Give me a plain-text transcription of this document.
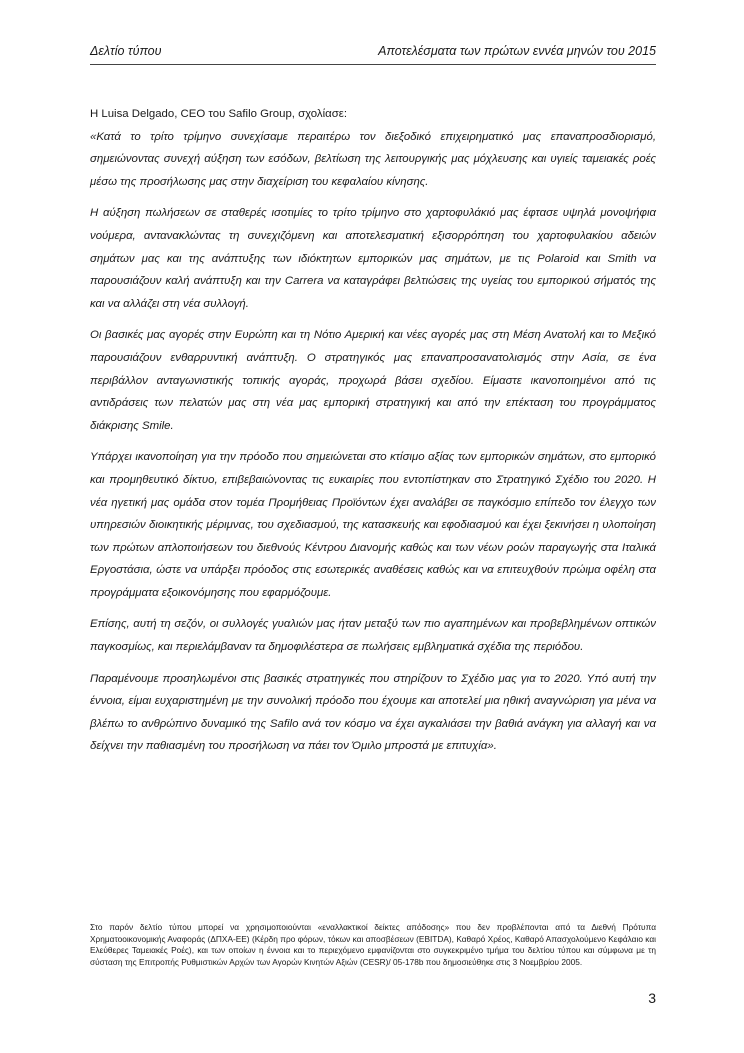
Δελτίο τύπου	Αποτελέσματα των πρώτων εννέα μηνών του 2015

Η Luisa Delgado, CEO του Safilo Group, σχολίασε:

«Κατά το τρίτο τρίμηνο συνεχίσαμε περαιτέρω τον διεξοδικό επιχειρηματικό μας επαναπροσδιορισμό, σημειώνοντας συνεχή αύξηση των εσόδων, βελτίωση της λειτουργικής μας μόχλευσης και υγιείς ταμειακές ροές μέσω της προσήλωσης μας στην διαχείριση του κεφαλαίου κίνησης.

Η αύξηση πωλήσεων σε σταθερές ισοτιμίες το τρίτο τρίμηνο στο χαρτοφυλάκιό μας έφτασε υψηλά μονοψήφια νούμερα, αντανακλώντας τη συνεχιζόμενη και αποτελεσματική εξισορρόπηση του χαρτοφυλακίου αδειών σημάτων μας και της ανάπτυξης των ιδιόκτητων εμπορικών μας σημάτων, με τις Polaroid και Smith να παρουσιάζουν καλή ανάπτυξη και την Carrera να καταγράφει βελτιώσεις της υγείας του εμπορικού σήματός της και να αλλάζει στη νέα συλλογή.

Οι βασικές μας αγορές στην Ευρώπη και τη Νότιο Αμερική και νέες αγορές μας στη Μέση Ανατολή και το Μεξικό παρουσιάζουν ενθαρρυντική ανάπτυξη. Ο στρατηγικός μας επαναπροσανατολισμός στην Ασία, σε ένα περιβάλλον ανταγωνιστικής τοπικής αγοράς, προχωρά βάσει σχεδίου. Είμαστε ικανοποιημένοι από τις αντιδράσεις των πελατών μας στη νέα μας εμπορική στρατηγική και από την επέκταση του προγράμματος διάκρισης Smile.

Υπάρχει ικανοποίηση για την πρόοδο που σημειώνεται στο κτίσιμο αξίας των εμπορικών σημάτων, στο εμπορικό και προμηθευτικό δίκτυο, επιβεβαιώνοντας τις ευκαιρίες που εντοπίστηκαν στο Στρατηγικό Σχέδιο του 2020. Η νέα ηγετική μας ομάδα στον τομέα Προμήθειας Προϊόντων έχει αναλάβει σε παγκόσμιο επίπεδο τον έλεγχο των υπηρεσιών διοικητικής μέριμνας, του σχεδιασμού, της κατασκευής και εφοδιασμού και έχει ξεκινήσει η υλοποίηση των πρώτων απλοποιήσεων του διεθνούς Κέντρου Διανομής καθώς και των νέων ροών παραγωγής στα Ιταλικά Εργοστάσια, ώστε να υπάρξει πρόοδος στις εσωτερικές αναθέσεις καθώς και να επιτευχθούν πρώιμα οφέλη στα προγράμματα εξοικονόμησης που εφαρμόζουμε.

Επίσης, αυτή τη σεζόν, οι συλλογές γυαλιών μας ήταν μεταξύ των πιο αγαπημένων και προβεβλημένων οπτικών παγκοσμίως, και περιελάμβαναν τα δημοφιλέστερα σε πωλήσεις εμβληματικά σχέδια της περιόδου.

Παραμένουμε προσηλωμένοι στις βασικές στρατηγικές που στηρίζουν το Σχέδιο μας για το 2020. Υπό αυτή την έννοια, είμαι ευχαριστημένη με την συνολική πρόοδο που έχουμε και αποτελεί μια ηθική αναγνώριση για μένα να βλέπω το ανθρώπινο δυναμικό της Safilo ανά τον κόσμο να έχει αγκαλιάσει την βαθιά ανάγκη για αλλαγή και να δείχνει την παθιασμένη του προσήλωση να πάει τον Όμιλο μπροστά με επιτυχία».

Στο παρόν δελτίο τύπου μπορεί να χρησιμοποιούνται «εναλλακτικοί δείκτες απόδοσης» που δεν προβλέπονται από τα Διεθνή Πρότυπα Χρηματοοικονομικής Αναφοράς (ΔΠΧΑ-ΕΕ) (Κέρδη προ φόρων, τόκων και αποσβέσεων (EBITDA), Καθαρό Χρέος, Καθαρό Απασχολούμενο Κεφάλαιο και Ελεύθερες Ταμειακές Ροές), και των οποίων η έννοια και το περιεχόμενο εμφανίζονται στο συγκεκριμένο τμήμα του δελτίου τύπου και σύμφωνα με τη σύσταση της Επιτροπής Ρυθμιστικών Αρχών των Αγορών Κινητών Αξιών (CESR)/ 05-178b που δημοσιεύθηκε στις 3 Νοεμβρίου 2005.
3
